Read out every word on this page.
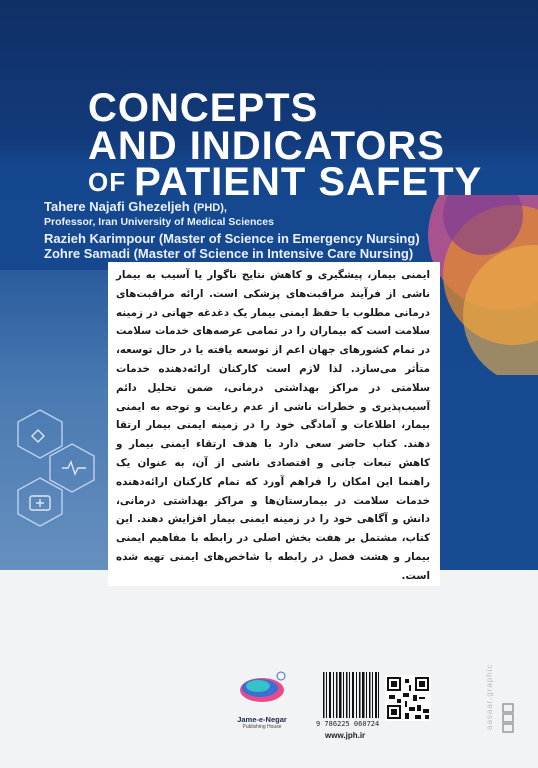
CONCEPTS
AND INDICATORS
OF PATIENT SAFETY
Tahere Najafi Ghezeljeh (PHD),
Professor, Iran University of Medical Sciences
Razieh Karimpour (Master of Science in Emergency Nursing)
Zohre Samadi (Master of Science in Intensive Care Nursing)

ایمنی بیمار، پیشگیری و کاهش نتایج ناگوار یا آسیب به بیمار ناشی از فرآیند مراقبت‌های پزشکی است. ارائه مراقبت‌های درمانی مطلوب با حفظ ایمنی بیمار یک دغدغه جهانی در زمینه سلامت است که بیماران را در تمامی عرصه‌های خدمات سلامت در تمام کشورهای جهان اعم از توسعه یافته یا در حال توسعه، متأثر می‌سازد. لذا لازم است کارکنان ارائه‌دهنده خدمات سلامتی در مراکز بهداشتی درمانی، ضمن تحلیل دائم آسیب‌پذیری و خطرات ناشی از عدم رعایت و توجه به ایمنی بیمار، اطلاعات و آمادگی خود را در زمینه ایمنی بیمار ارتقا دهند. کتاب حاضر سعی دارد با هدف ارتقاء ایمنی بیمار و کاهش تبعات جانی و اقتصادی ناشی از آن، به عنوان یک راهنما این امکان را فراهم آورد که تمام کارکنان ارائه‌دهنده خدمات سلامت در بیمارستان‌ها و مراکز بهداشتی درمانی، دانش و آگاهی خود را در زمینه ایمنی بیمار افزایش دهند. این کتاب، مشتمل بر هفت بخش اصلی در رابطه با مفاهیم ایمنی بیمار و هشت فصل در رابطه با شاخص‌های ایمنی تهیه شده است.

Jame-e-Negar
Publishing House	9 786225 060724
www.jph.ir
aasaar.graphic
